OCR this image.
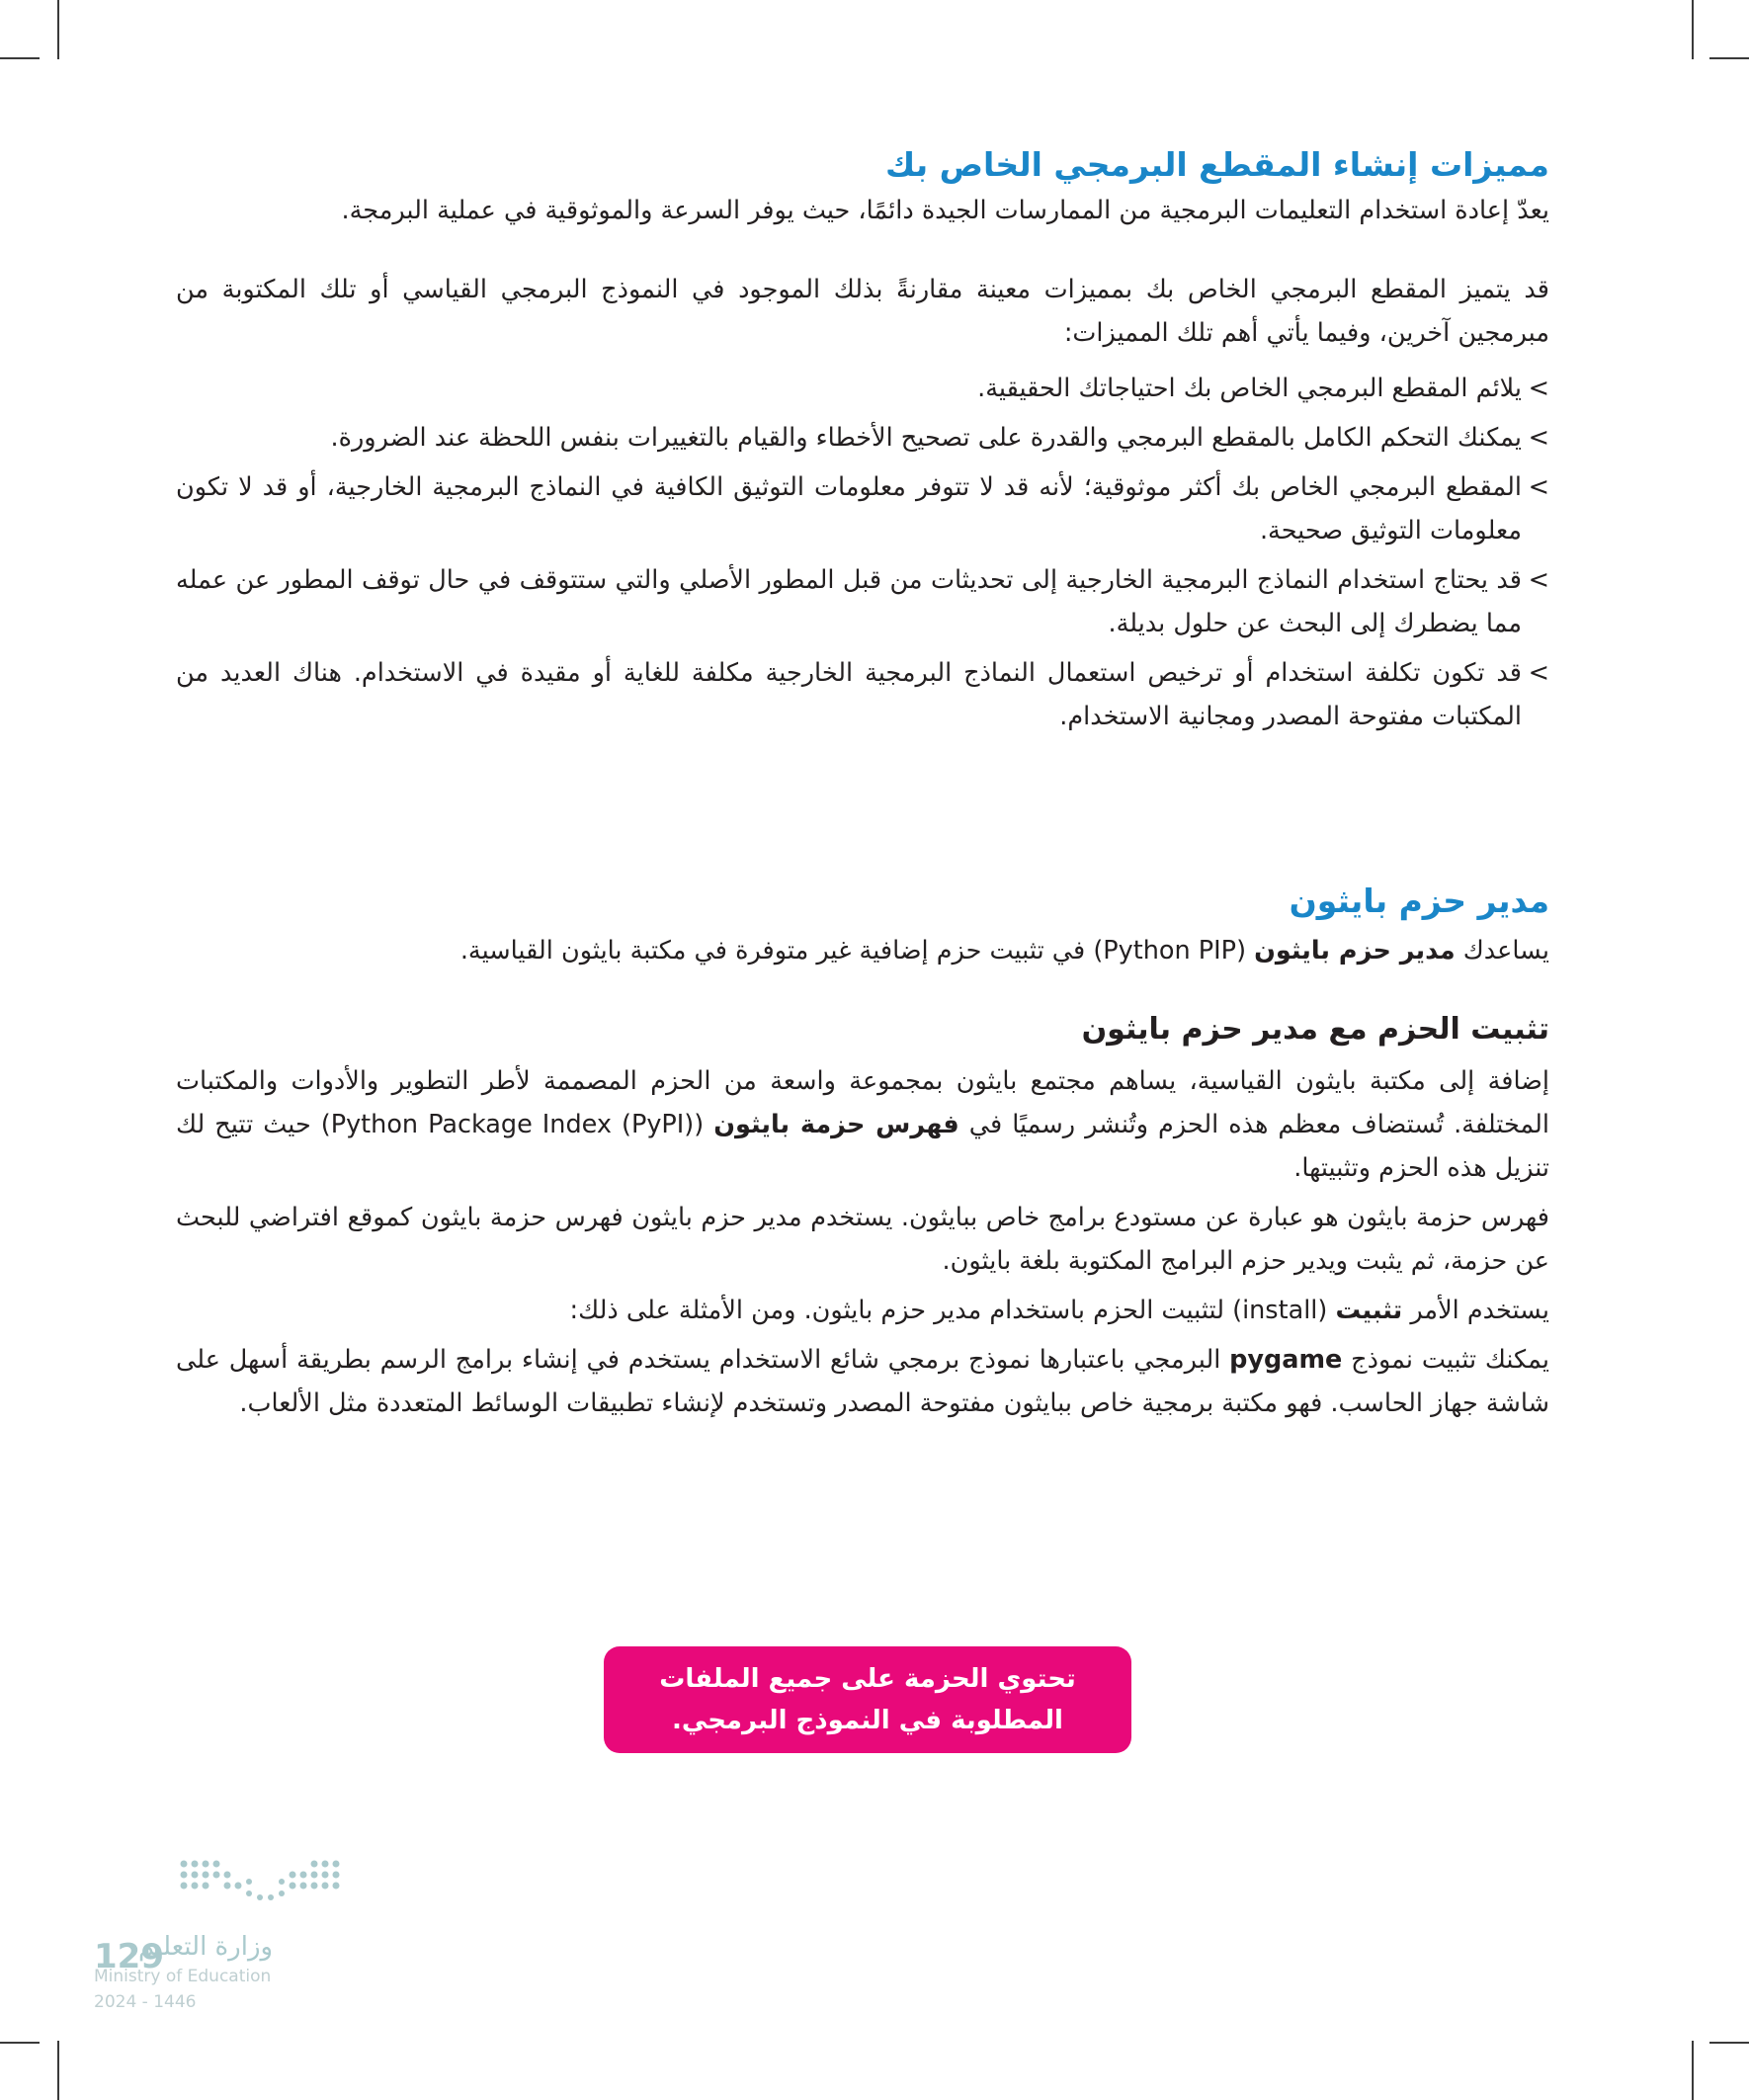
مميزات إنشاء المقطع البرمجي الخاص بك

يعدّ إعادة استخدام التعليمات البرمجية من الممارسات الجيدة دائمًا، حيث يوفر السرعة والموثوقية في عملية البرمجة.

قد يتميز المقطع البرمجي الخاص بك بمميزات معينة مقارنةً بذلك الموجود في النموذج البرمجي القياسي أو تلك المكتوبة من مبرمجين آخرين، وفيما يأتي أهم تلك المميزات:

>
يلائم المقطع البرمجي الخاص بك احتياجاتك الحقيقية.
>
يمكنك التحكم الكامل بالمقطع البرمجي والقدرة على تصحيح الأخطاء والقيام بالتغييرات بنفس اللحظة عند الضرورة.
>
المقطع البرمجي الخاص بك أكثر موثوقية؛ لأنه قد لا تتوفر معلومات التوثيق الكافية في النماذج البرمجية الخارجية، أو قد لا تكون معلومات التوثيق صحيحة.
>
قد يحتاج استخدام النماذج البرمجية الخارجية إلى تحديثات من قبل المطور الأصلي والتي ستتوقف في حال توقف المطور عن عمله مما يضطرك إلى البحث عن حلول بديلة.
>
قد تكون تكلفة استخدام أو ترخيص استعمال النماذج البرمجية الخارجية مكلفة للغاية أو مقيدة في الاستخدام. هناك العديد من المكتبات مفتوحة المصدر ومجانية الاستخدام.
مدير حزم بايثون

يساعدك مدير حزم بايثون (Python PIP) في تثبيت حزم إضافية غير متوفرة في مكتبة بايثون القياسية.

تثبيت الحزم مع مدير حزم بايثون

إضافة إلى مكتبة بايثون القياسية، يساهم مجتمع بايثون بمجموعة واسعة من الحزم المصممة لأطر التطوير والأدوات والمكتبات المختلفة. تُستضاف معظم هذه الحزم وتُنشر رسميًا في فهرس حزمة بايثون (Python Package Index (PyPI)) حيث تتيح لك تنزيل هذه الحزم وتثبيتها.

فهرس حزمة بايثون هو عبارة عن مستودع برامج خاص ببايثون. يستخدم مدير حزم بايثون فهرس حزمة بايثون كموقع افتراضي للبحث عن حزمة، ثم يثبت ويدير حزم البرامج المكتوبة بلغة بايثون.

يستخدم الأمر تثبيت (install) لتثبيت الحزم باستخدام مدير حزم بايثون. ومن الأمثلة على ذلك:

يمكنك تثبيت نموذج pygame البرمجي باعتبارها نموذج برمجي شائع الاستخدام يستخدم في إنشاء برامج الرسم بطريقة أسهل على شاشة جهاز الحاسب. فهو مكتبة برمجية خاص ببايثون مفتوحة المصدر وتستخدم لإنشاء تطبيقات الوسائط المتعددة مثل الألعاب.

تحتوي الحزمة على جميع الملفات المطلوبة في النموذج البرمجي.
وزارة التعليم
129
Ministry of Education
2024 - 1446
